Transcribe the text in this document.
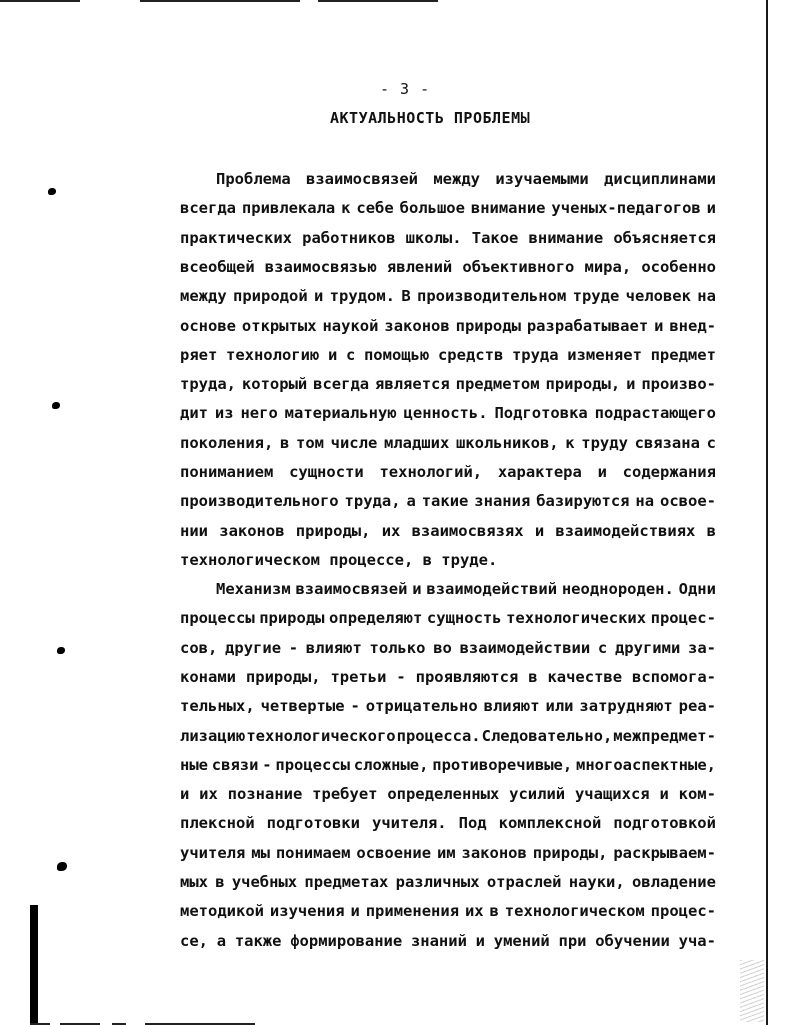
- 3 -
АКТУАЛЬНОСТЬ ПРОБЛЕМЫ
Проблема взаимосвязей между изучаемыми дисциплинами
всегда привлекала к себе большое внимание ученых-педагогов и
практических работников школы. Такое внимание объясняется
всеобщей взаимосвязью явлений объективного мира, особенно
между природой и трудом. В производительном труде человек на
основе открытых наукой законов природы разрабатывает и внед-
ряет технологию и с помощью средств труда изменяет предмет
труда, который всегда является предметом природы, и произво-
дит из него материальную ценность. Подготовка подрастающего
поколения, в том числе младших школьников, к труду связана с
пониманием сущности технологий, характера и содержания
производительного труда, а такие знания базируются на освое-
нии законов природы, их взаимосвязях и взаимодействиях в
технологическом процессе, в труде.
Механизм взаимосвязей и взаимодействий неоднороден. Одни
процессы природы определяют сущность технологических процес-
сов, другие - влияют только во взаимодействии с другими за-
конами природы, третьи - проявляются в качестве вспомога-
тельных, четвертые - отрицательно влияют или затрудняют реа-
лизацию технологического процесса. Следовательно, межпредмет-
ные связи - процессы сложные, противоречивые, многоаспектные,
и их познание требует определенных усилий учащихся и ком-
плексной подготовки учителя. Под комплексной подготовкой
учителя мы понимаем освоение им законов природы, раскрываем-
мых в учебных предметах различных отраслей науки, овладение
методикой изучения и применения их в технологическом процес-
се, а также формирование знаний и умений при обучении уча-
